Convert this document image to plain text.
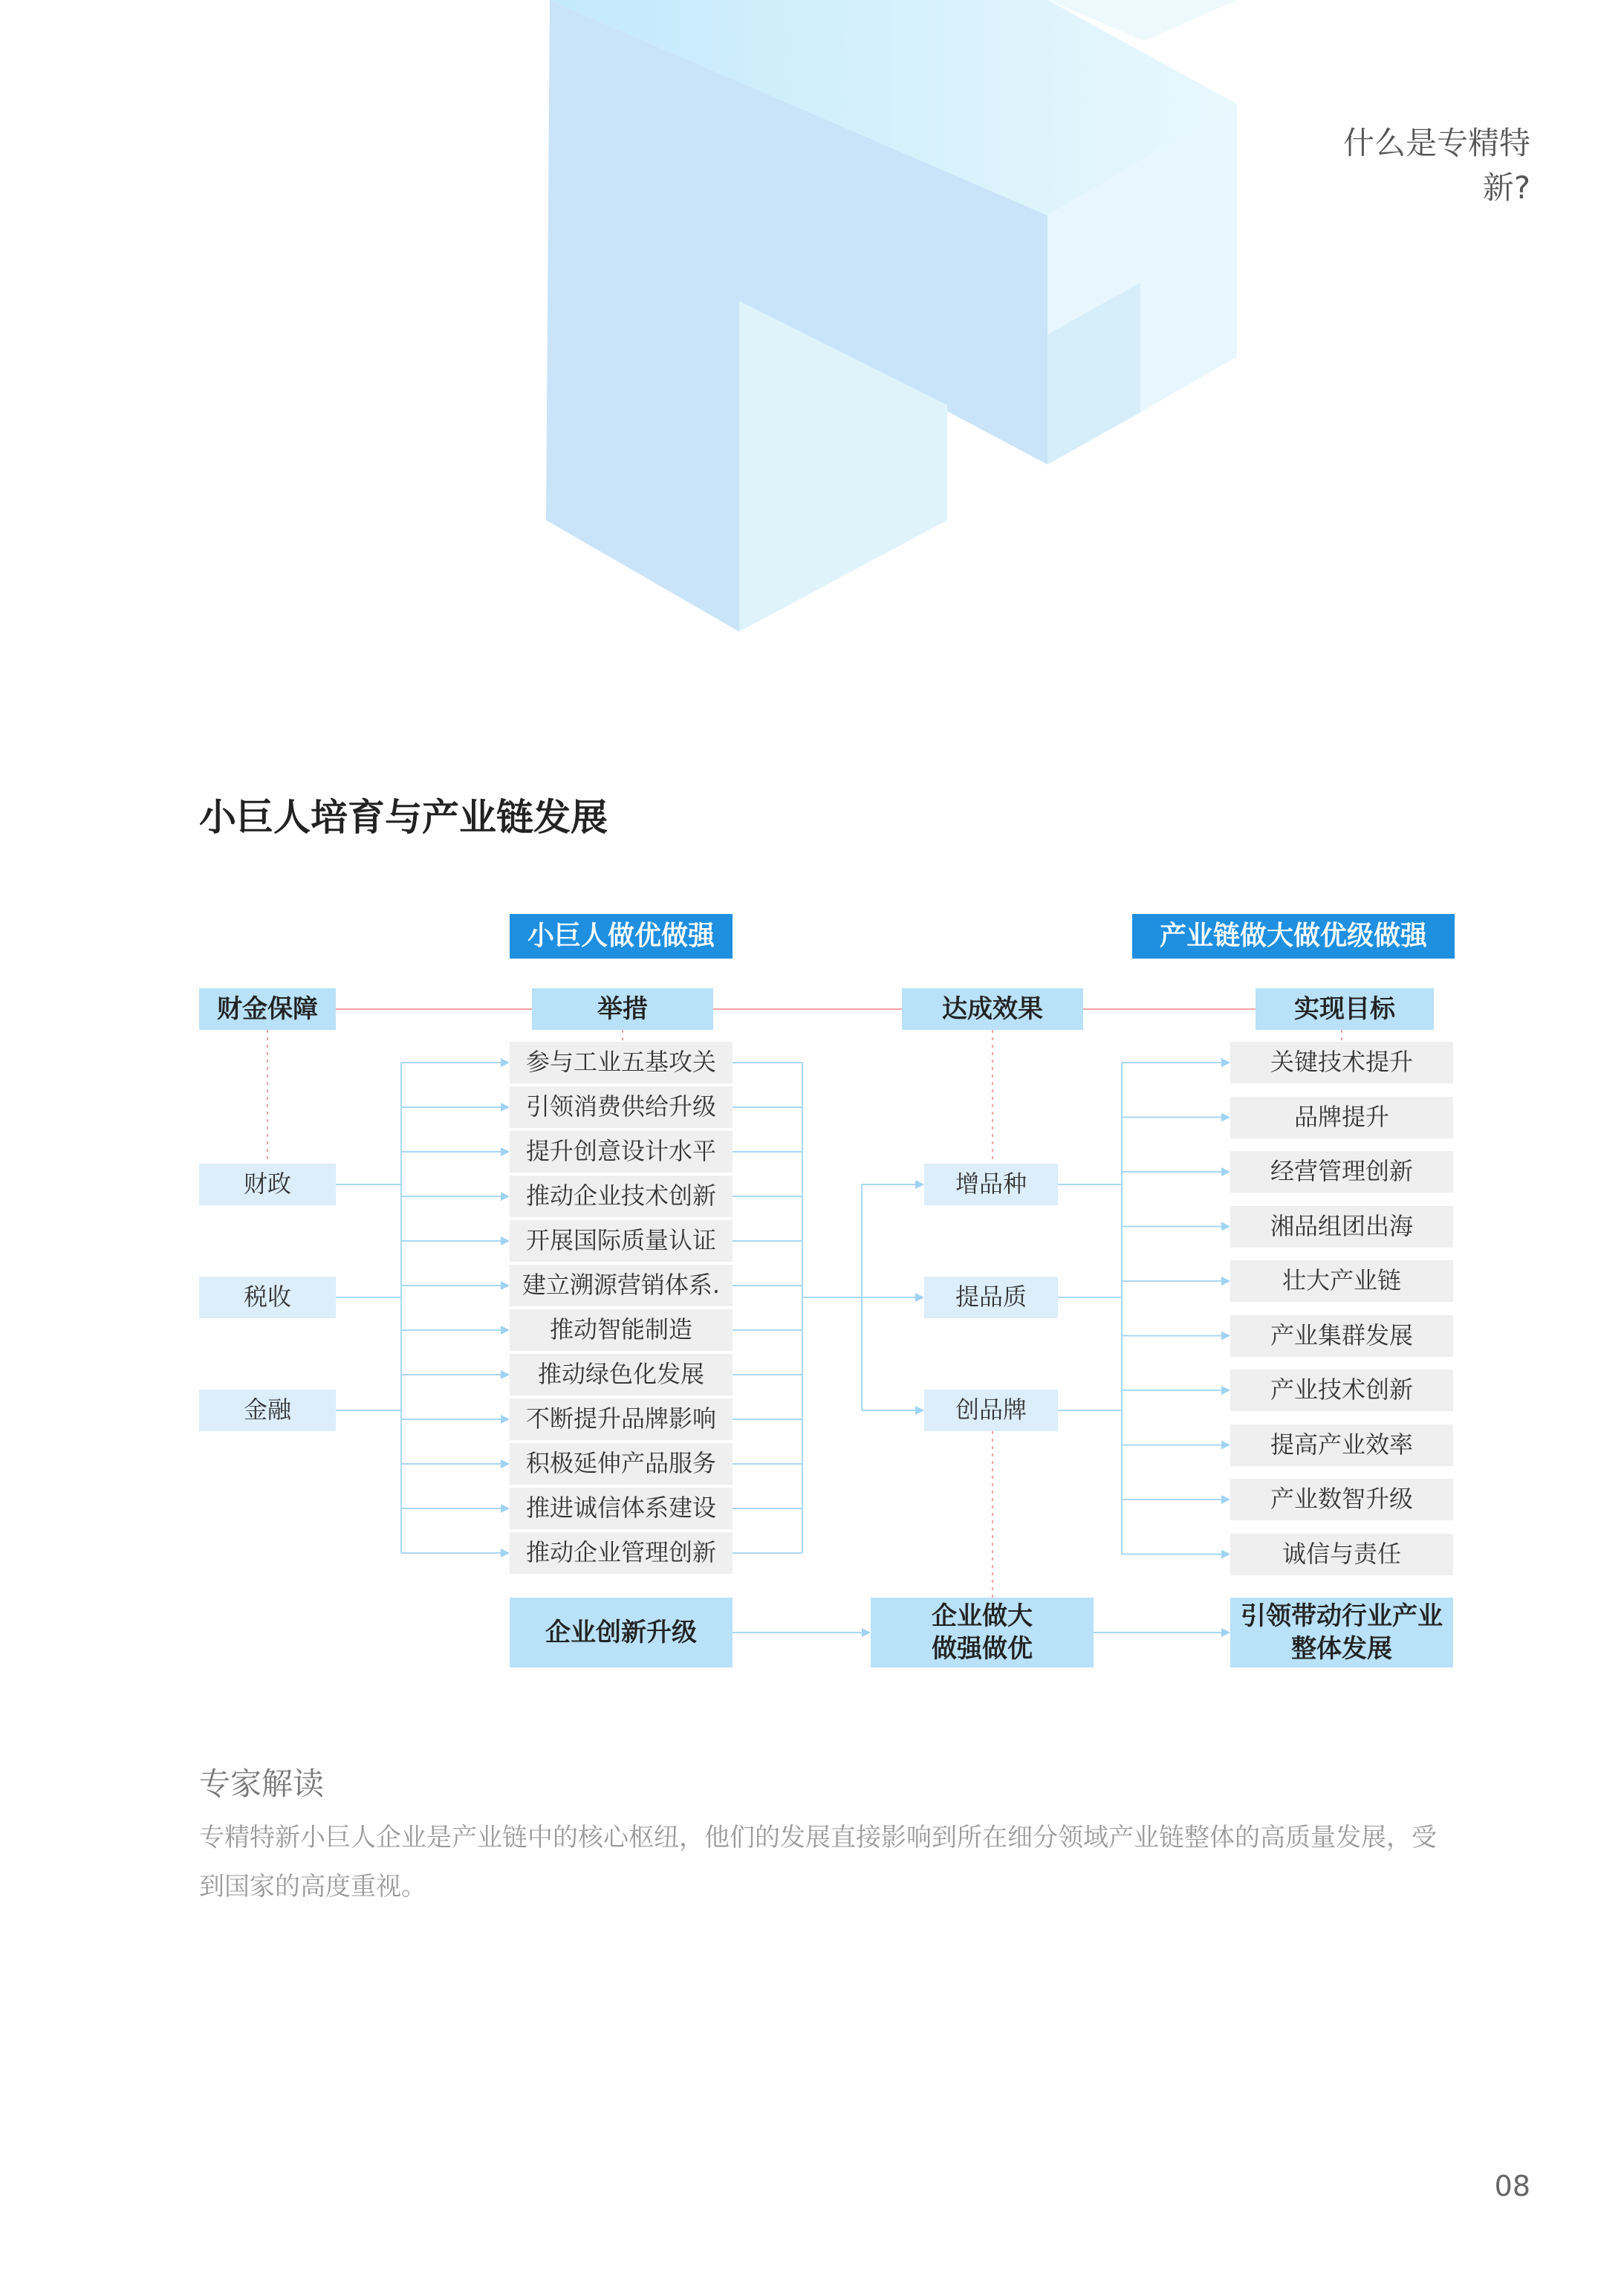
什么是专精特新?
小巨人培育与产业链发展
小巨人做优做强	产业链做大做优级做强
财金保障	举措	达成效果	实现目标
财政
税收
金融
参与工业五基攻关
引领消费供给升级
提升创意设计水平
推动企业技术创新
开展国际质量认证
建立溯源营销体系.
推动智能制造
推动绿色化发展
不断提升品牌影响
积极延伸产品服务
推进诚信体系建设
推动企业管理创新
增品种
提品质
创品牌
关键技术提升
品牌提升
经营管理创新
湘品组团出海
壮大产业链
产业集群发展
产业技术创新
提高产业效率
产业数智升级
诚信与责任
企业创新升级
企业做大
做强做优
引领带动行业产业
整体发展
专家解读
专精特新小巨人企业是产业链中的核心枢纽，他们的发展直接影响到所在细分领域产业链整体的高质量发展，受到国家的高度重视。
08
